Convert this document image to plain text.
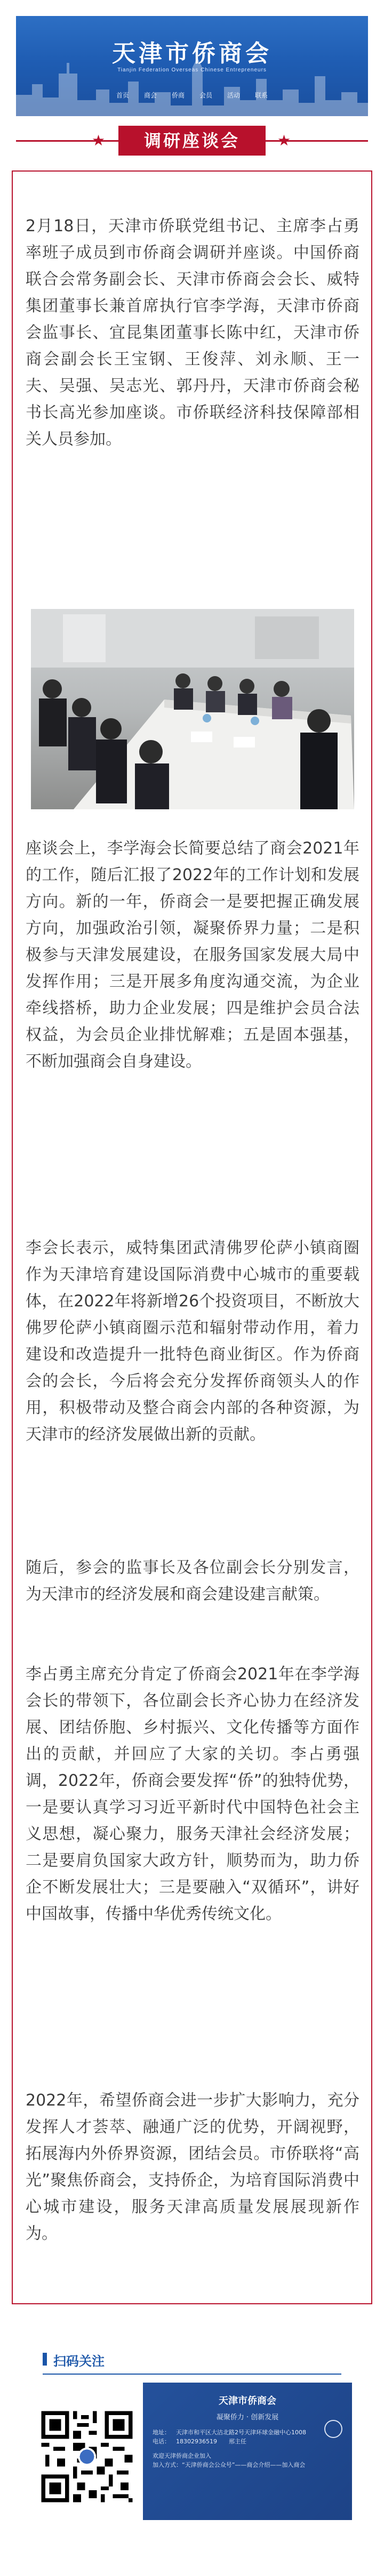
天津市侨商会
Tianjin Federation Overseas Chinese Entrepreneurs
首页 商会 侨商 会员 活动 联系
★	调研座谈会	★
2月18日，天津市侨联党组书记、主席李占勇率班子成员到市侨商会调研并座谈。中国侨商联合会常务副会长、天津市侨商会会长、威特集团董事长兼首席执行官李学海，天津市侨商会监事长、宜昆集团董事长陈中红，天津市侨商会副会长王宝钢、王俊萍、刘永顺、王一夫、吴强、吴志光、郭丹丹，天津市侨商会秘书长高光参加座谈。市侨联经济科技保障部相关人员参加。
座谈会上，李学海会长简要总结了商会2021年的工作，随后汇报了2022年的工作计划和发展方向。新的一年，侨商会一是要把握正确发展方向，加强政治引领，凝聚侨界力量；二是积极参与天津发展建设，在服务国家发展大局中发挥作用；三是开展多角度沟通交流，为企业牵线搭桥，助力企业发展；四是维护会员合法权益，为会员企业排忧解难；五是固本强基，不断加强商会自身建设。
李会长表示，威特集团武清佛罗伦萨小镇商圈作为天津培育建设国际消费中心城市的重要载体，在2022年将新增26个投资项目，不断放大佛罗伦萨小镇商圈示范和辐射带动作用，着力建设和改造提升一批特色商业街区。作为侨商会的会长，今后将会充分发挥侨商领头人的作用，积极带动及整合商会内部的各种资源，为天津市的经济发展做出新的贡献。
随后，参会的监事长及各位副会长分别发言，为天津市的经济发展和商会建设建言献策。
李占勇主席充分肯定了侨商会2021年在李学海会长的带领下，各位副会长齐心协力在经济发展、团结侨胞、乡村振兴、文化传播等方面作出的贡献，并回应了大家的关切。李占勇强调，2022年，侨商会要发挥“侨”的独特优势，一是要认真学习习近平新时代中国特色社会主义思想，凝心聚力，服务天津社会经济发展；二是要肩负国家大政方针，顺势而为，助力侨企不断发展壮大；三是要融入“双循环”，讲好中国故事，传播中华优秀传统文化。
2022年，希望侨商会进一步扩大影响力，充分发挥人才荟萃、融通广泛的优势，开阔视野，拓展海内外侨界资源，团结会员。市侨联将“高光”聚焦侨商会，支持侨企，为培育国际消费中心城市建设，服务天津高质量发展展现新作为。
扫码关注
天津市侨商会
凝聚侨力 · 创新发展
地址：	天津市和平区大沽北路2号天津环球金融中心1008
电话：	18302936519　　邢主任
欢迎天津侨商企业加入
加入方式：“天津侨商会公众号”——商会介绍——加入商会
